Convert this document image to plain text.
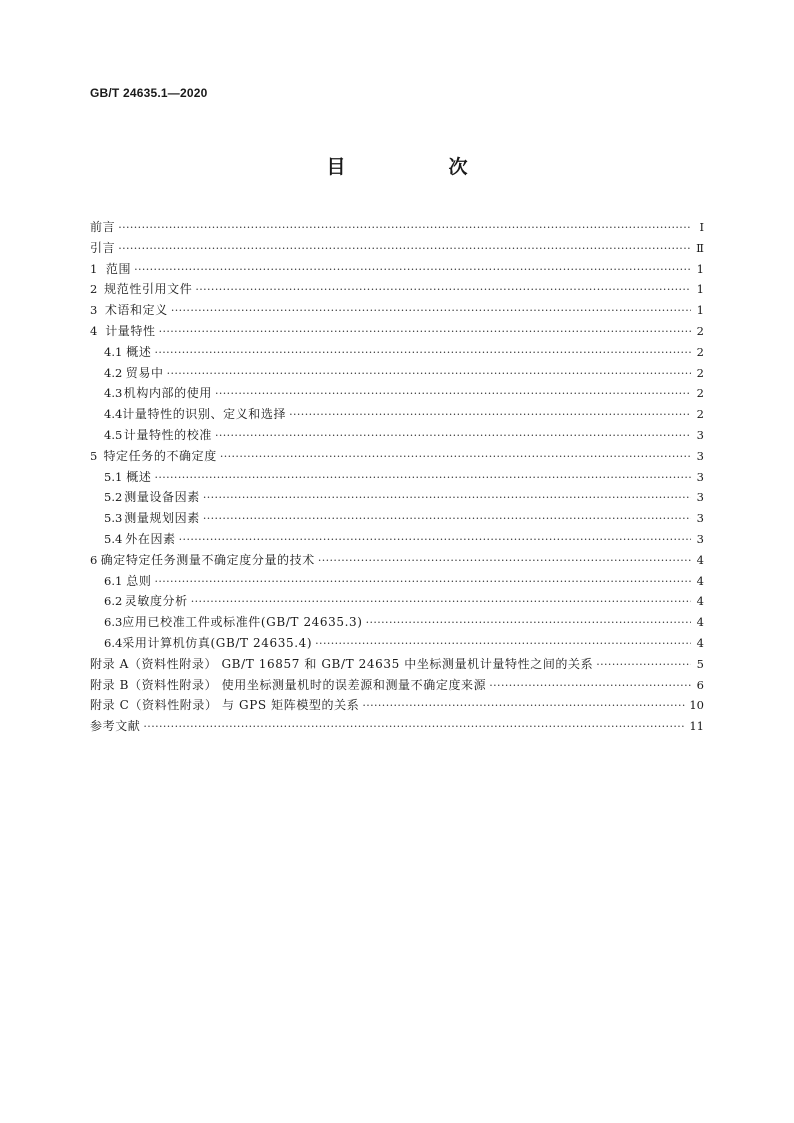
GB/T 24635.1—2020
目　次
前言 ·····	Ⅰ
引言 ·····	Ⅱ
1 范围 ·····	1
2 规范性引用文件 ·····	1
3 术语和定义 ·····	1
4 计量特性 ·····	2
4.1 概述 ·····	2
4.2 贸易中 ·····	2
4.3 机构内部的使用 ·····	2
4.4 计量特性的识别、定义和选择 ·····	2
4.5 计量特性的校准 ·····	3
5 特定任务的不确定度 ·····	3
5.1 概述 ·····	3
5.2 测量设备因素 ·····	3
5.3 测量规划因素 ·····	3
5.4 外在因素 ·····	3
6 确定特定任务测量不确定度分量的技术 ·····	4
6.1 总则 ·····	4
6.2 灵敏度分析 ·····	4
6.3 应用已校准工件或标准件(GB/T 24635.3) ·····	4
6.4 采用计算机仿真(GB/T 24635.4) ·····	4
附录 A（资料性附录） GB/T 16857 和 GB/T 24635 中坐标测量机计量特性之间的关系 ·····	5
附录 B（资料性附录） 使用坐标测量机时的误差源和测量不确定度来源 ·····	6
附录 C（资料性附录） 与 GPS 矩阵模型的关系 ·····	10
参考文献 ·····	11
